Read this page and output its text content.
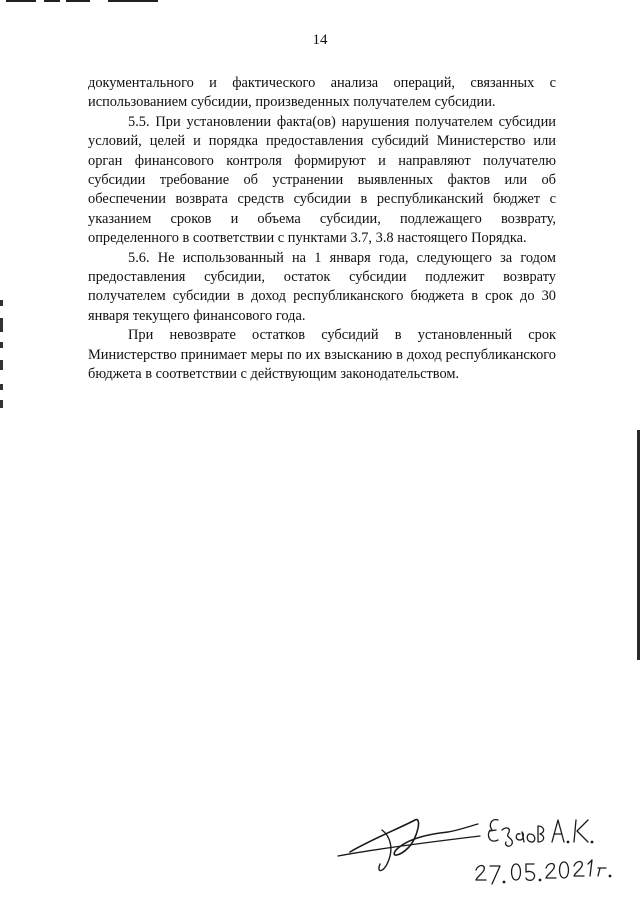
14

документального и фактического анализа операций, связанных с использованием субсидии, произведенных получателем субсидии.

5.5. При установлении факта(ов) нарушения получателем субсидии условий, целей и порядка предоставления субсидий Министерство или орган финансового контроля формируют и направляют получателю субсидии требование об устранении выявленных фактов или об обеспечении возврата средств субсидии в республиканский бюджет с указанием сроков и объема субсидии, подлежащего возврату, определенного в соответствии с пунктами 3.7, 3.8 настоящего Порядка.

5.6. Не использованный на 1 января года, следующего за годом предоставления субсидии, остаток субсидии подлежит возврату получателем субсидии в доход республиканского бюджета в срок до 30 января текущего финансового года.

При невозврате остатков субсидий в установленный срок Министерство принимает меры по их взысканию в доход республиканского бюджета в соответствии с действующим законодательством.
